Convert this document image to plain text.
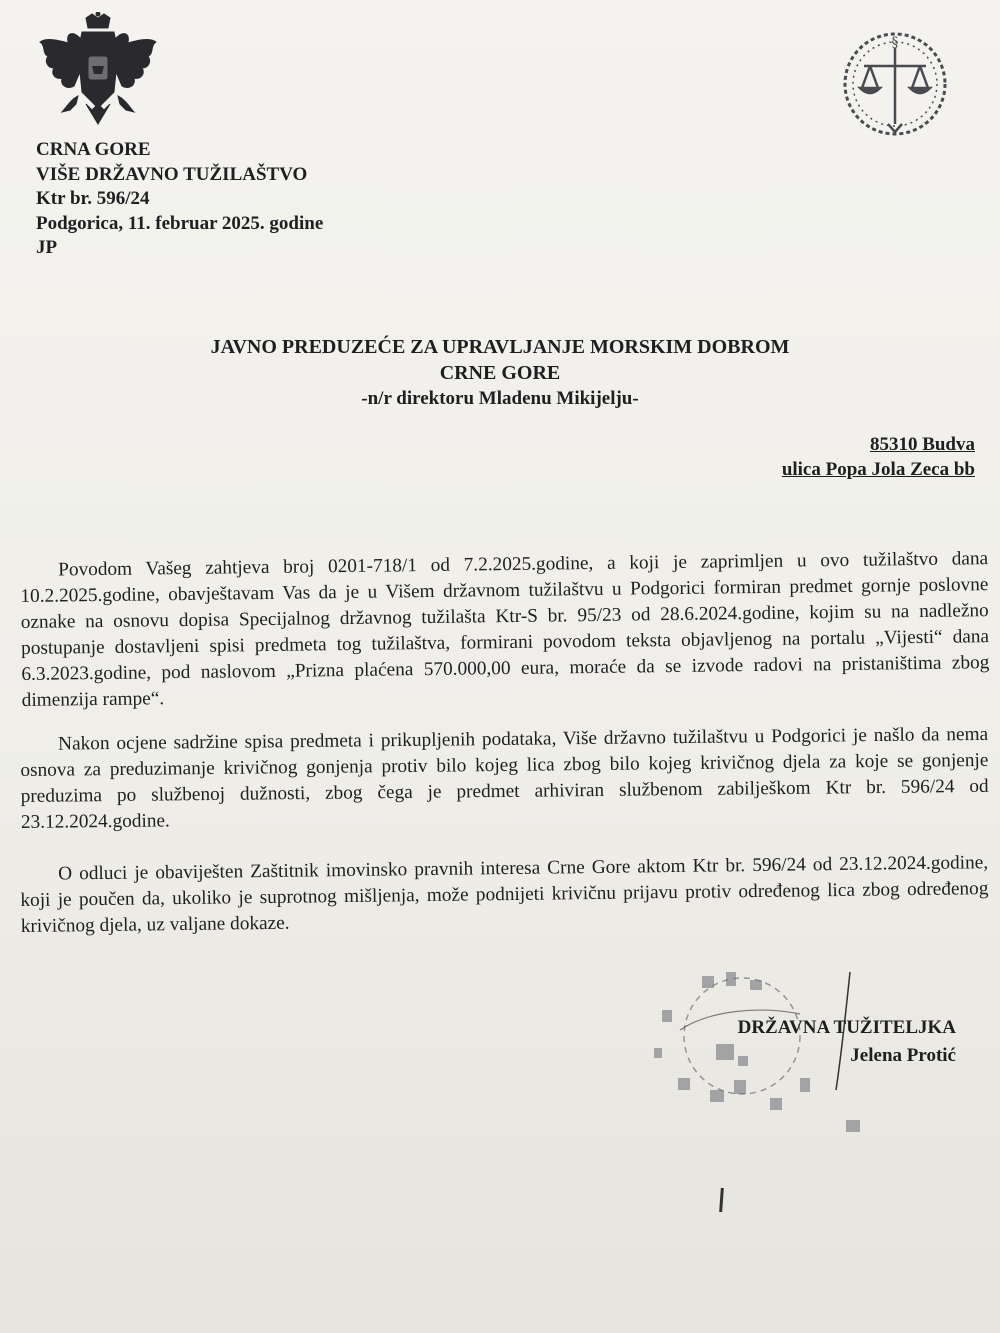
§
CRNA GORE
VIŠE DRŽAVNO TUŽILAŠTVO
Ktr br. 596/24
Podgorica, 11. februar 2025. godine
JP
JAVNO PREDUZEĆE ZA UPRAVLJANJE MORSKIM DOBROM
CRNE GORE
-n/r direktoru Mladenu Mikijelju-
85310 Budva
ulica Popa Jola Zeca bb
Povodom Vašeg zahtjeva broj 0201-718/1 od 7.2.2025.godine, a koji je zaprimljen u ovo tužilaštvo dana 10.2.2025.godine, obavještavam Vas da je u Višem državnom tužilaštvu u Podgorici formiran predmet gornje poslovne oznake na osnovu dopisa Specijalnog državnog tužilašta Ktr-S br. 95/23 od 28.6.2024.godine, kojim su na nadležno postupanje dostavljeni spisi predmeta tog tužilaštva, formirani povodom teksta objavljenog na portalu „Vijesti“ dana 6.3.2023.godine, pod naslovom „Prizna plaćena 570.000,00 eura, moraće da se izvode radovi na pristaništima zbog dimenzija rampe“.
Nakon ocjene sadržine spisa predmeta i prikupljenih podataka, Više državno tužilaštvu u Podgorici je našlo da nema osnova za preduzimanje krivičnog gonjenja protiv bilo kojeg lica zbog bilo kojeg krivičnog djela za koje se gonjenje preduzima po službenoj dužnosti, zbog čega je predmet arhiviran službenom zabilješkom Ktr br. 596/24 od 23.12.2024.godine.
O odluci je obaviješten Zaštitnik imovinsko pravnih interesa Crne Gore aktom Ktr br. 596/24 od 23.12.2024.godine, koji je poučen da, ukoliko je suprotnog mišljenja, može podnijeti krivičnu prijavu protiv određenog lica zbog određenog krivičnog djela, uz valjane dokaze.
DRŽAVNA TUŽITELJKA
Jelena Protić
